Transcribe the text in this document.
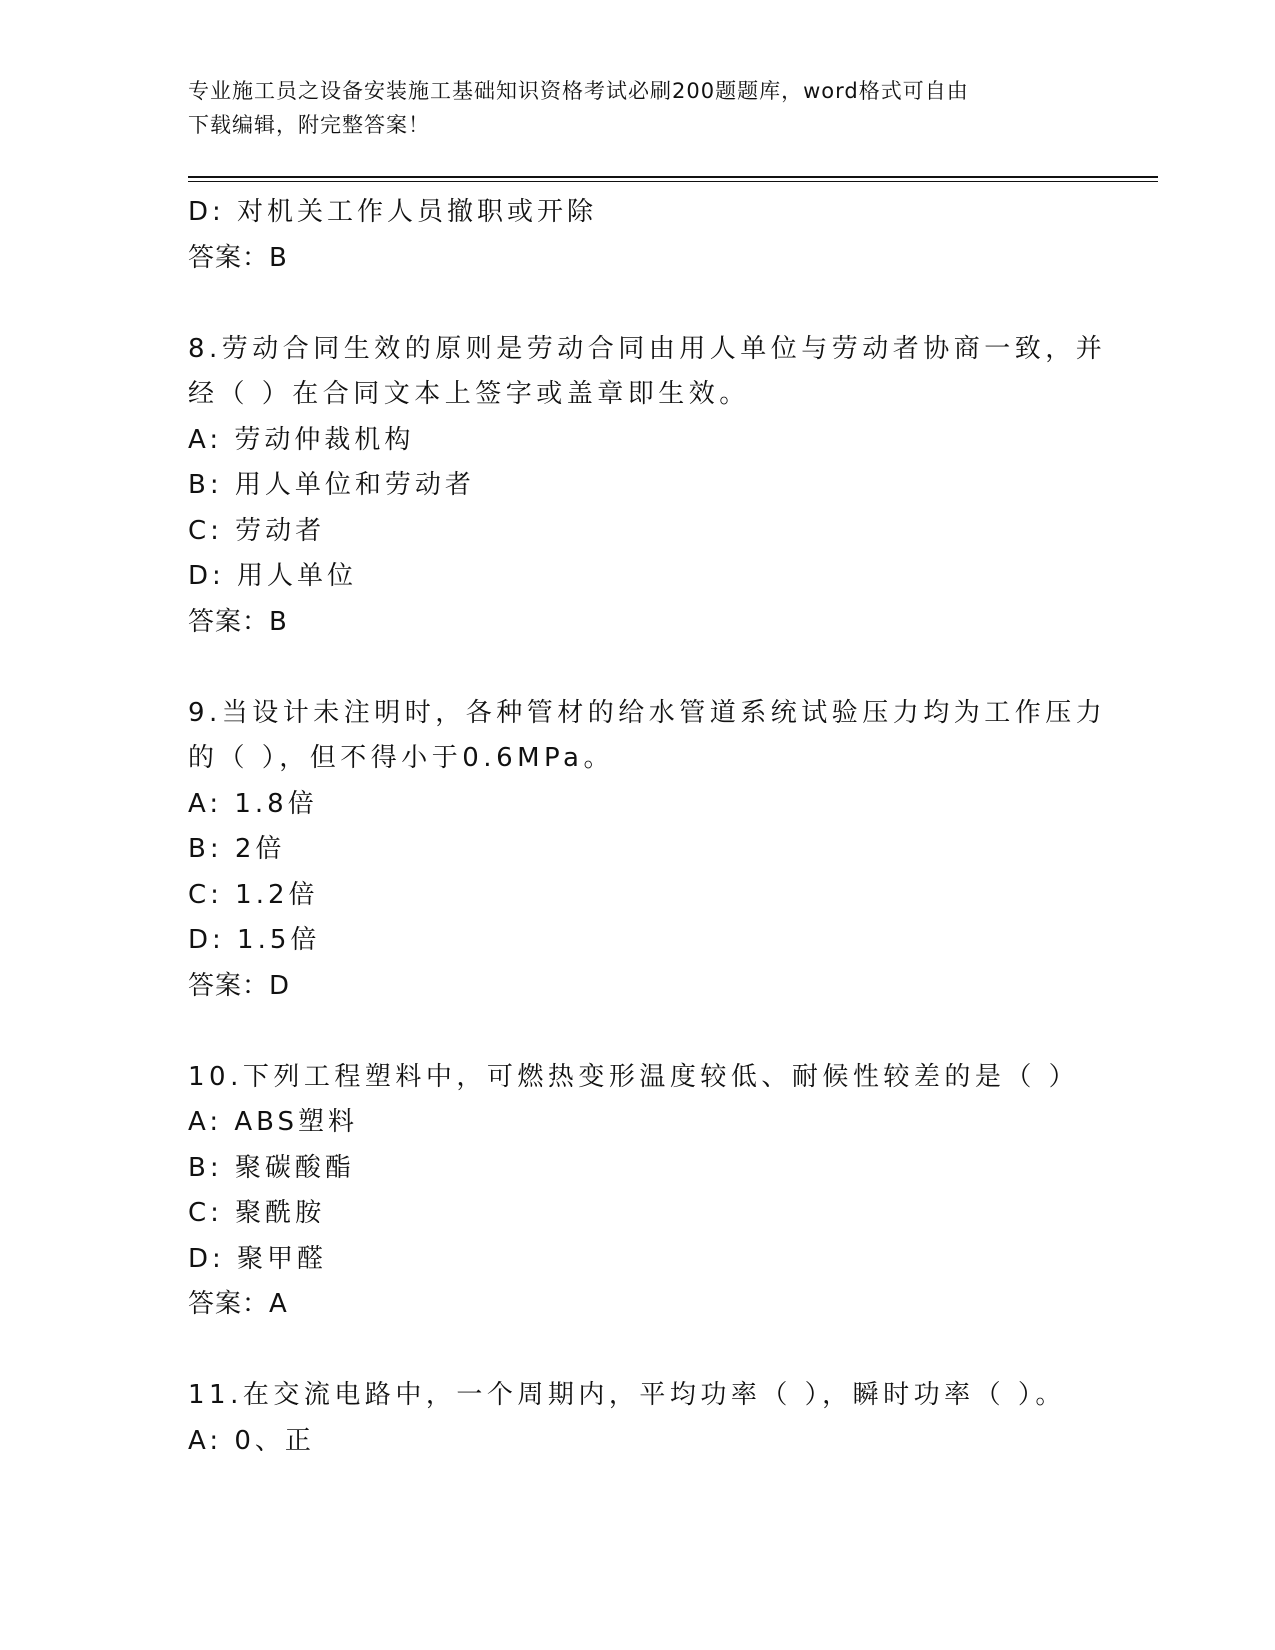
专业施工员之设备安装施工基础知识资格考试必刷200题题库，word格式可自由
下载编辑，附完整答案！
D: 对机关工作人员撤职或开除
答案：B
8.劳动合同生效的原则是劳动合同由用人单位与劳动者协商一致，并
经（ ）在合同文本上签字或盖章即生效。
A: 劳动仲裁机构
B: 用人单位和劳动者
C: 劳动者
D: 用人单位
答案：B
9.当设计未注明时，各种管材的给水管道系统试验压力均为工作压力
的（ ），但不得小于0.6MPa。
A: 1.8倍
B: 2倍
C: 1.2倍
D: 1.5倍
答案：D
10.下列工程塑料中，可燃热变形温度较低、耐候性较差的是（ ）
A: ABS塑料
B: 聚碳酸酯
C: 聚酰胺
D: 聚甲醛
答案：A
11.在交流电路中，一个周期内，平均功率（ ），瞬时功率（ ）。
A: 0、正
